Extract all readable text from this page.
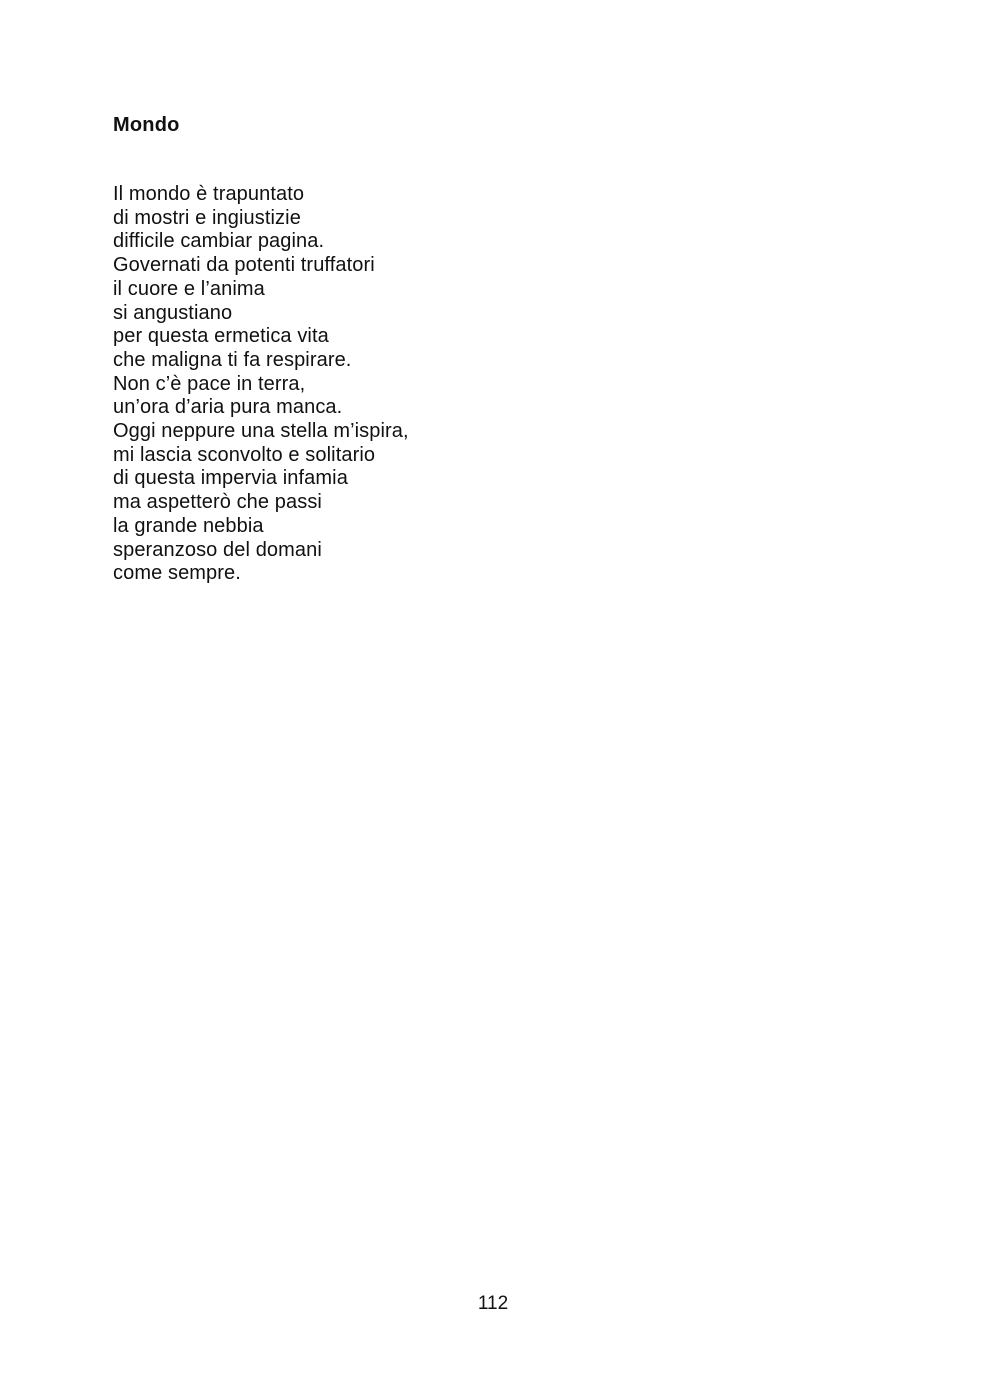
Mondo
Il mondo è trapuntato
di mostri e ingiustizie
difficile cambiar pagina.
Governati da potenti truffatori
il cuore e l’anima
si angustiano
per questa ermetica vita
che maligna ti fa respirare.
Non c’è pace in terra,
un’ora d’aria pura manca.
Oggi neppure una stella m’ispira,
mi lascia sconvolto e solitario
di questa impervia infamia
ma aspetterò che passi
la grande nebbia
speranzoso del domani
come sempre.
112
